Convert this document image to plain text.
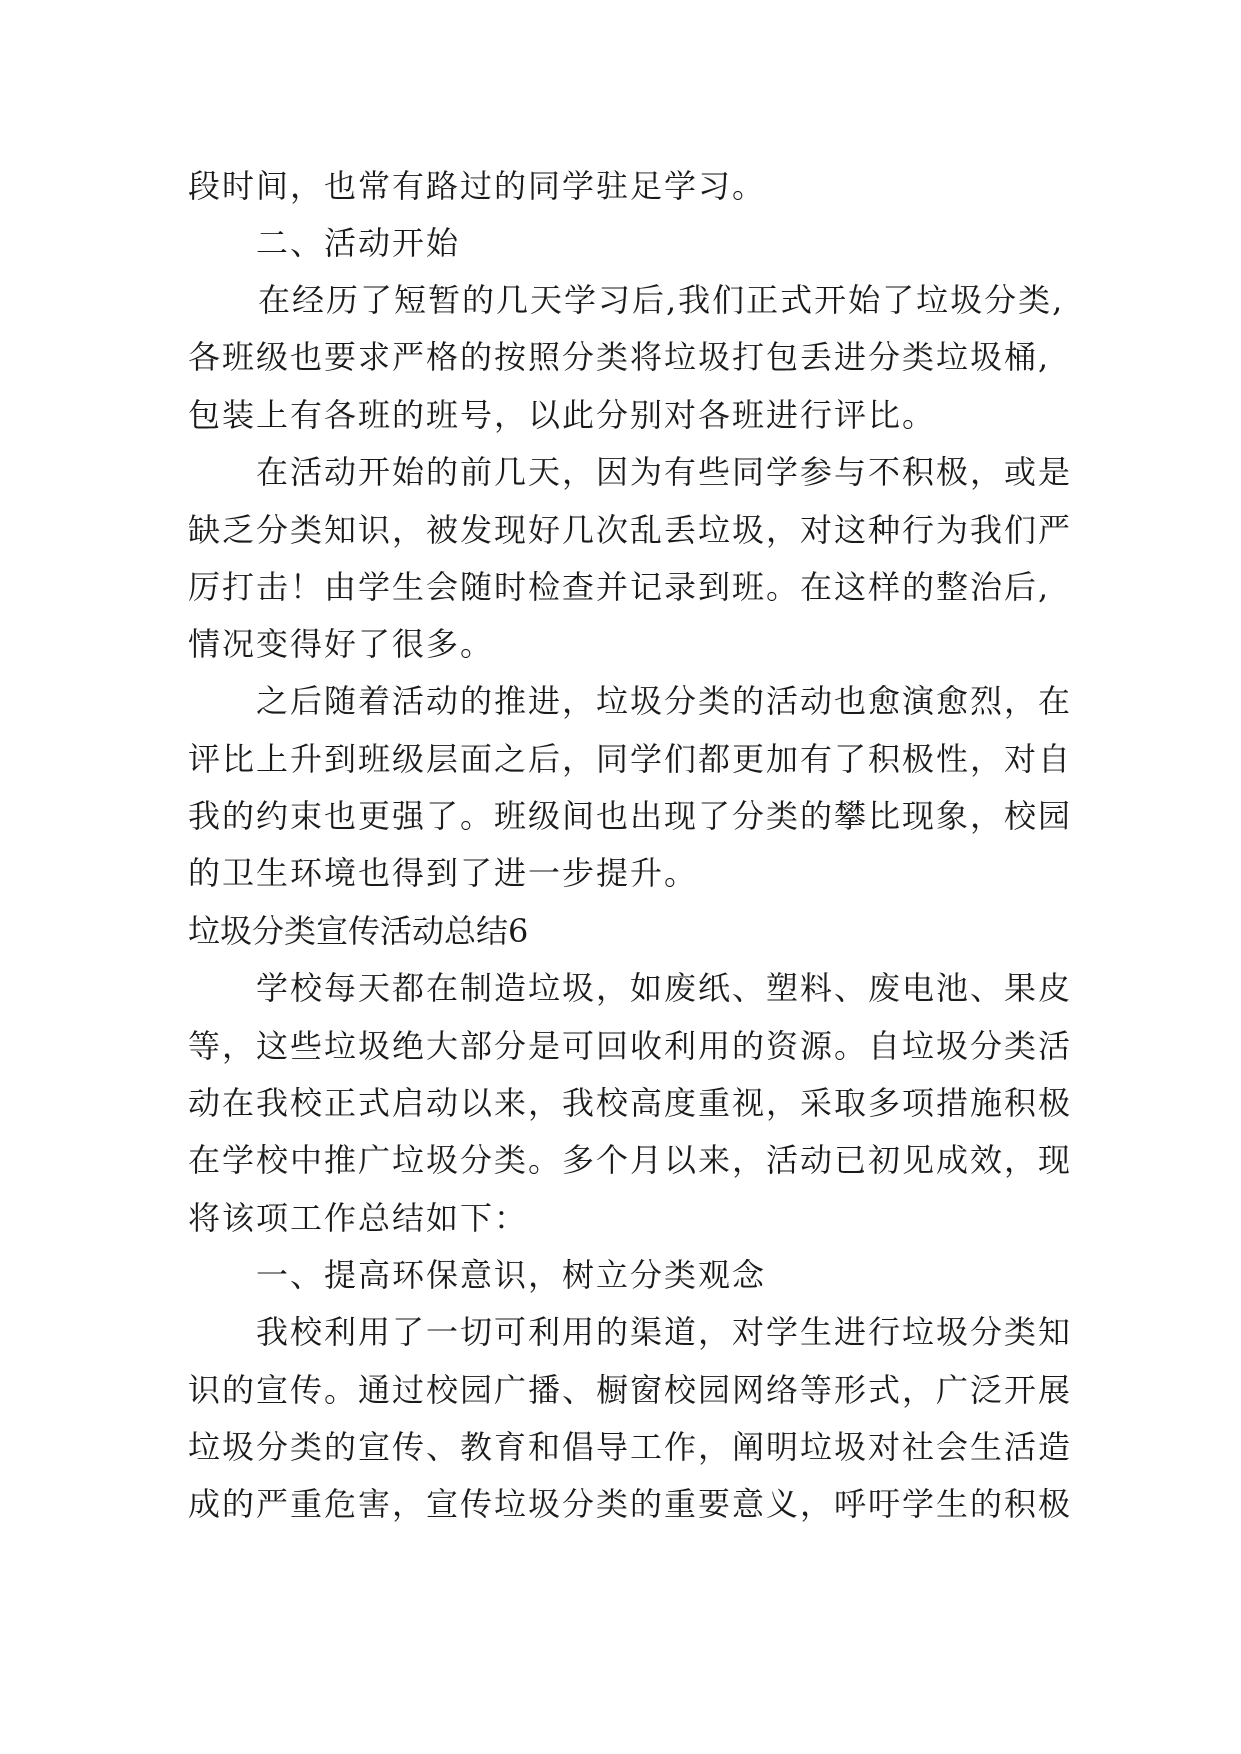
段时间，也常有路过的同学驻足学习。
二、活动开始
在经历了短暂的几天学习后,我们正式开始了垃圾分类,
各班级也要求严格的按照分类将垃圾打包丢进分类垃圾桶,
包装上有各班的班号，以此分别对各班进行评比。
在活动开始的前几天，因为有些同学参与不积极，或是
缺乏分类知识，被发现好几次乱丢垃圾，对这种行为我们严
厉打击！由学生会随时检查并记录到班。在这样的整治后,
情况变得好了很多。
之后随着活动的推进，垃圾分类的活动也愈演愈烈，在
评比上升到班级层面之后，同学们都更加有了积极性，对自
我的约束也更强了。班级间也出现了分类的攀比现象，校园
的卫生环境也得到了进一步提升。
垃圾分类宣传活动总结6
学校每天都在制造垃圾，如废纸、塑料、废电池、果皮
等，这些垃圾绝大部分是可回收利用的资源。自垃圾分类活
动在我校正式启动以来，我校高度重视，采取多项措施积极
在学校中推广垃圾分类。多个月以来，活动已初见成效，现
将该项工作总结如下：
一、提高环保意识，树立分类观念
我校利用了一切可利用的渠道，对学生进行垃圾分类知
识的宣传。通过校园广播、橱窗校园网络等形式，广泛开展
垃圾分类的宣传、教育和倡导工作，阐明垃圾对社会生活造
成的严重危害，宣传垃圾分类的重要意义，呼吁学生的积极
